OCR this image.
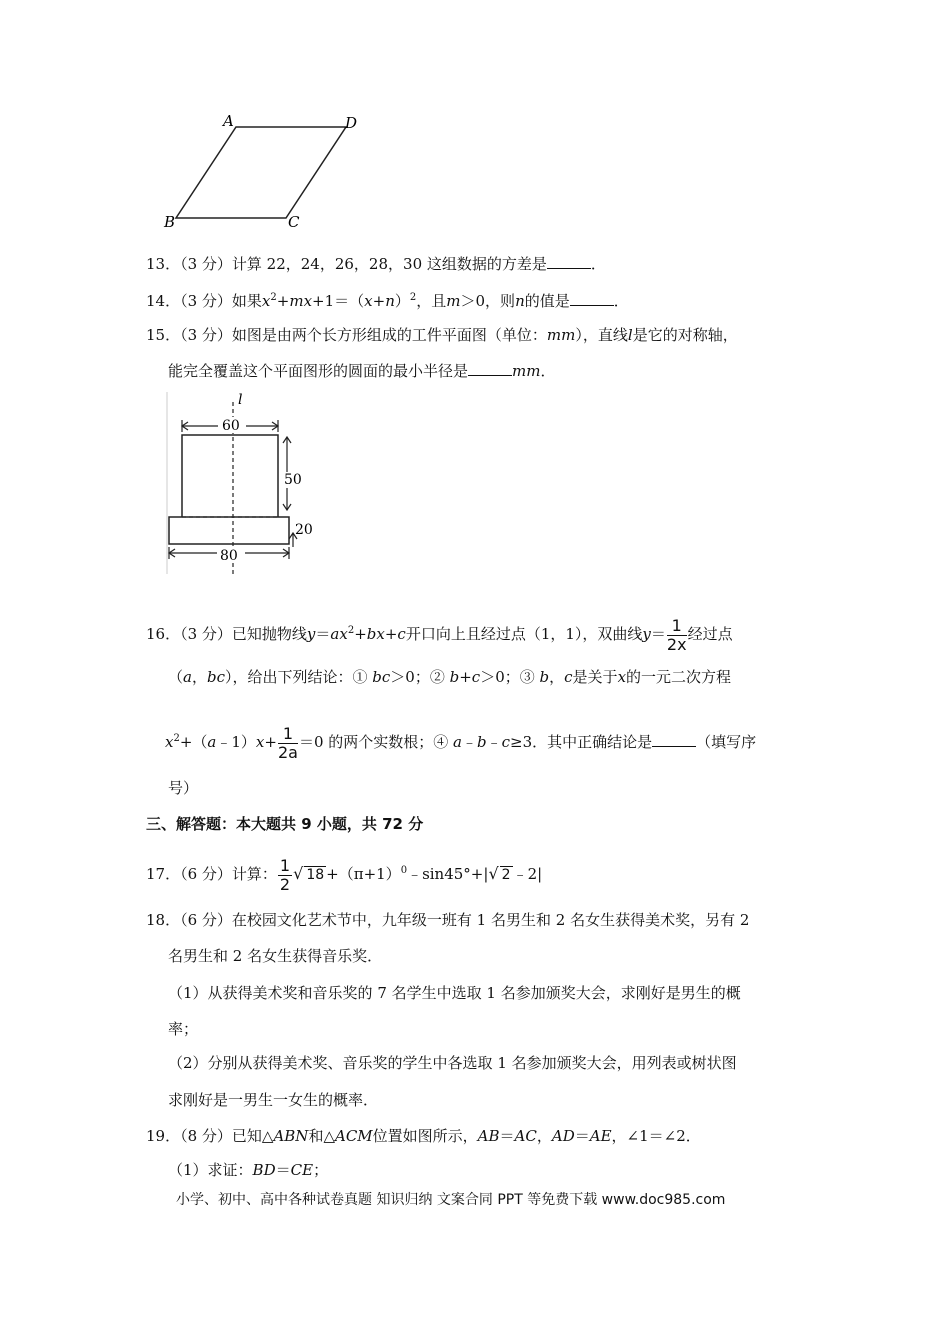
A	D
B	C
13．（3 分）计算 22，24，26，28，30 这组数据的方差是	．
14．（3 分）如果$x^2+mx+1=(x+n)^2$，且m＞0，则n的值是	．
15．（3 分）如图是由两个长方形组成的工件平面图（单位：mm），直线l是它的对称轴，
能完全覆盖这个平面图形的圆面的最小半径是	mm．
l
60
50
20
80
16．（3 分）已知抛物线$y=ax^2+bx+c$开口向上且经过点（1，1），双曲线$y= \frac{1}{2x}$ 经过点
（a，bc），给出下列结论：① bc＞0；② b+c＞0；③ b，c是关于x的一元二次方程
$x^2+(a﹣1)x+ \frac{1}{2a} =0$ 的两个实数根；④ a﹣b﹣c≥3．其中正确结论是	（填写序
号）
三、解答题：本大题共 9 小题，共 72 分
17．（6 分）计算： $\frac{1}{2}$ √ $18 +(\pi+1)^0﹣\sin 45^\circ+|√$ 2 ﹣2|
18．（6 分）在校园文化艺术节中，九年级一班有 1 名男生和 2 名女生获得美术奖，另有 2
名男生和 2 名女生获得音乐奖．
（1）从获得美术奖和音乐奖的 7 名学生中选取 1 名参加颁奖大会，求刚好是男生的概
率；
（2）分别从获得美术奖、音乐奖的学生中各选取 1 名参加颁奖大会，用列表或树状图
求刚好是一男生一女生的概率．
19．（8 分）已知△ABN和△ACM位置如图所示，AB＝AC，AD＝AE，∠1＝∠2．
（1）求证：BD＝CE；
小学、初中、高中各种试卷真题 知识归纳 文案合同 PPT 等免费下载 www.doc985.com
